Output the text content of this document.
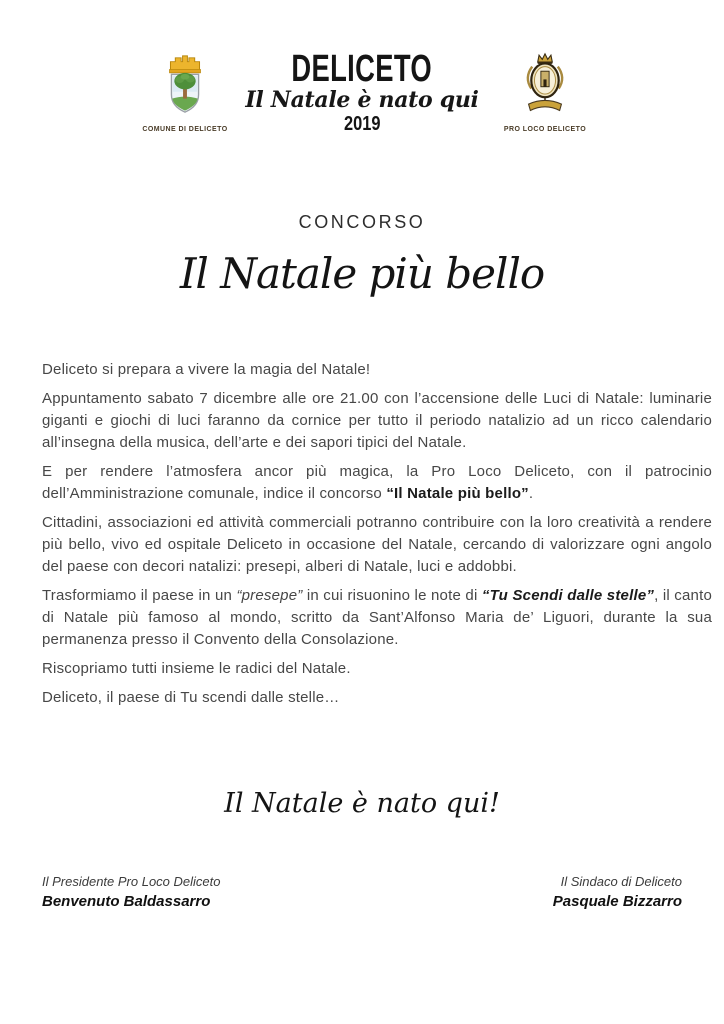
COMUNE DI DELICETO
DELICETO
Il Natale è nato qui
2019	PRO LOCO DELICETO
CONCORSO
Il Natale più bello

Deliceto si prepara a vivere la magia del Natale!

Appuntamento sabato 7 dicembre alle ore 21.00 con l’accensione delle Luci di Natale: luminarie giganti e giochi di luci faranno da cornice per tutto il periodo natalizio ad un ricco calendario all’insegna della musica, dell’arte e dei sapori tipici del Natale.

E per rendere l’atmosfera ancor più magica, la Pro Loco Deliceto, con il patrocinio dell’Amministrazione comunale, indice il concorso “Il Natale più bello”.

Cittadini, associazioni ed attività commerciali potranno contribuire con la loro creatività a rendere più bello, vivo ed ospitale Deliceto in occasione del Natale, cercando di valorizzare ogni angolo del paese con decori natalizi: presepi, alberi di Natale, luci e addobbi.

Trasformiamo il paese in un “presepe” in cui risuonino le note di “Tu Scendi dalle stelle”, il canto di Natale più famoso al mondo, scritto da Sant’Alfonso Maria de’ Liguori, durante la sua permanenza presso il Convento della Consolazione.

Riscopriamo tutti insieme le radici del Natale.

Deliceto, il paese di Tu scendi dalle stelle…

Il Natale è nato qui!
Il Presidente Pro Loco Deliceto
Benvenuto Baldassarro
Il Sindaco di Deliceto
Pasquale Bizzarro
